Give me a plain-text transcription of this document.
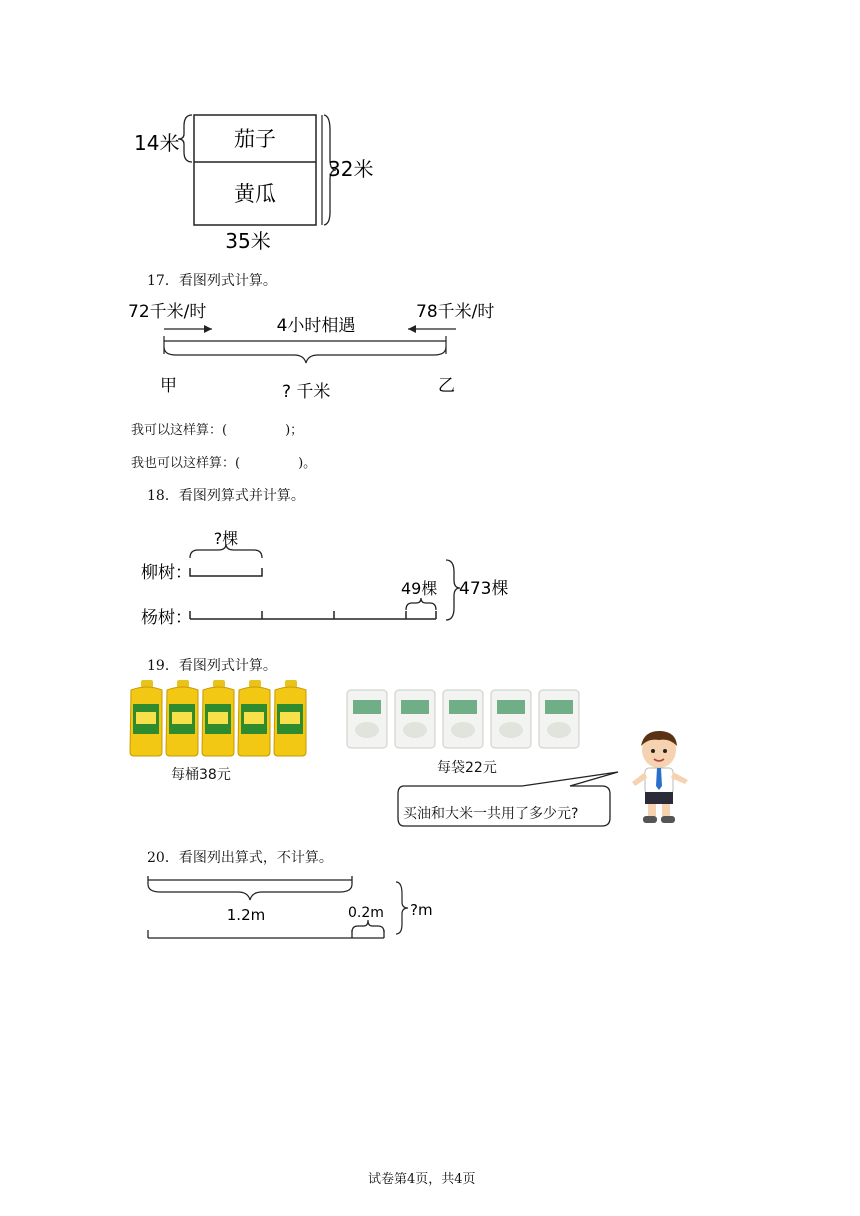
茄子
黄瓜
14米
32米
35米
17．看图列式计算。
72千米/时	78千米/时
4小时相遇
甲	? 千米	乙
我可以这样算：(	)；
我也可以这样算：(	)。
18．看图列算式并计算。
?棵
柳树：
杨树：
49棵 473棵
19．看图列式计算。
每桶38元	每袋22元
买油和大米一共用了多少元?
20．看图列出算式，不计算。
1.2m	0.2m ?m
试卷第4页，共4页
